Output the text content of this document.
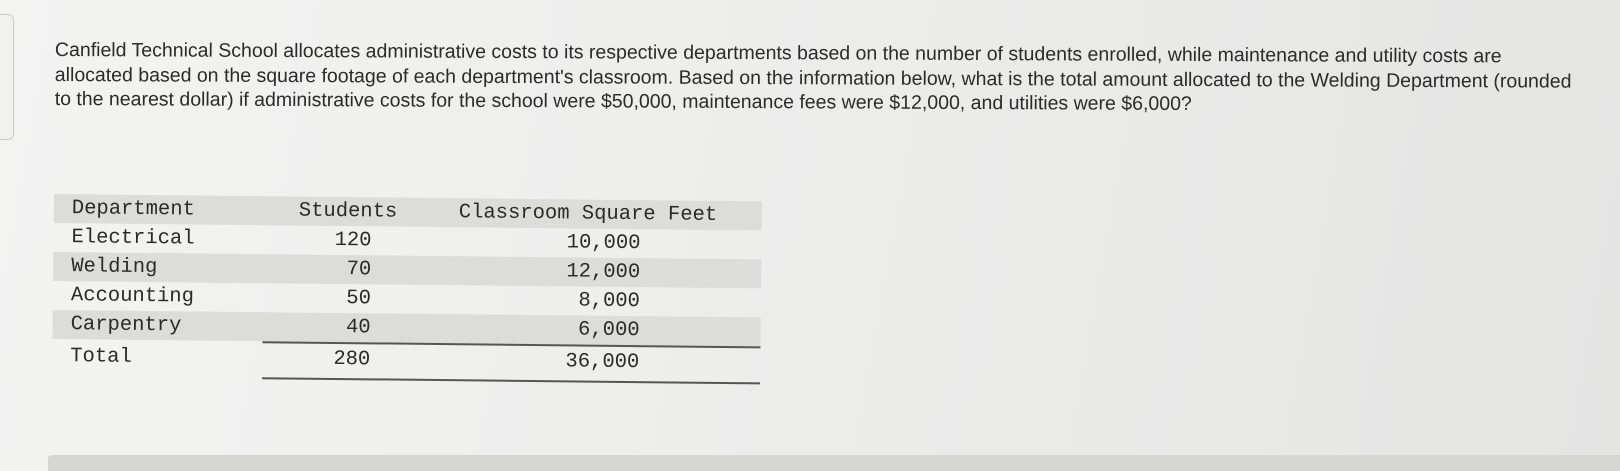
Canfield Technical School allocates administrative costs to its respective departments based on the number of students enrolled, while maintenance and utility costs are allocated based on the square footage of each department's classroom. Based on the information below, what is the total amount allocated to the Welding Department (rounded to the nearest dollar) if administrative costs for the school were $50,000, maintenance fees were $12,000, and utilities were $6,000?

Department	Students	Classroom Square Feet
Electrical	120	10,000
Welding	70	12,000
Accounting	50	8,000
Carpentry	40	6,000
Total	280	36,000
